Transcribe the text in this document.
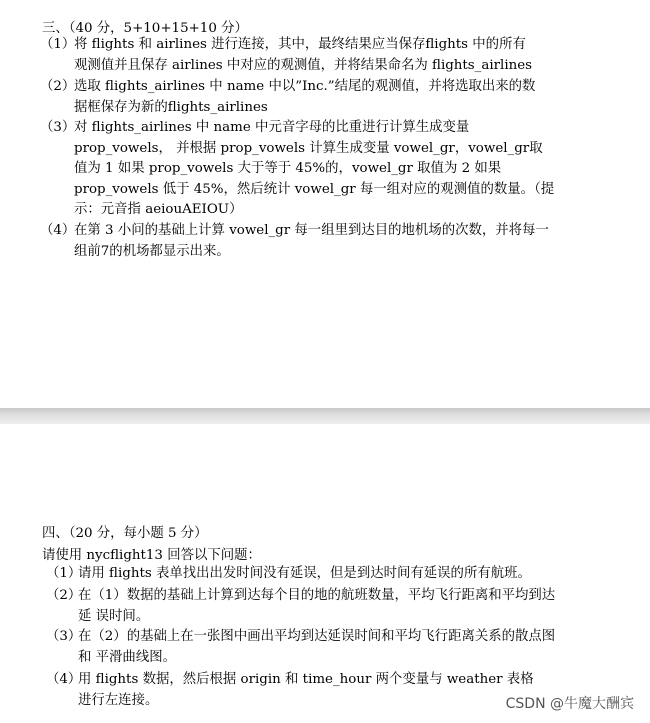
三、（40 分，5+10+15+10 分）
（1）
将 flights 和 airlines 进行连接，其中，最终结果应当保存flights 中的所有
观测值并且保存 airlines 中对应的观测值，并将结果命名为 flights_airlines
（2）
选取 flights_airlines 中 name 中以”Inc.”结尾的观测值，并将选取出来的数
据框保存为新的flights_airlines
（3）
对 flights_airlines 中 name 中元音字母的比重进行计算生成变量
prop_vowels， 并根据 prop_vowels 计算生成变量 vowel_gr，vowel_gr取
值为 1 如果 prop_vowels 大于等于 45%的，vowel_gr 取值为 2 如果
prop_vowels 低于 45%，然后统计 vowel_gr 每一组对应的观测值的数量。（提
示：元音指 aeiouAEIOU）
（4）
在第 3 小问的基础上计算 vowel_gr 每一组里到达目的地机场的次数，并将每一
组前7的机场都显示出来。
四、（20 分，每小题 5 分）
请使用 nycflight13 回答以下问题：
（1）
请用 flights 表单找出出发时间没有延误，但是到达时间有延误的所有航班。
（2）
在（1）数据的基础上计算到达每个目的地的航班数量，平均飞行距离和平均到达
延 误时间。
（3）
在（2）的基础上在一张图中画出平均到达延误时间和平均飞行距离关系的散点图
和 平滑曲线图。
（4）
用 flights 数据，然后根据 origin 和 time_hour 两个变量与 weather 表格
进行左连接。	CSDN @牛魔大酬宾
